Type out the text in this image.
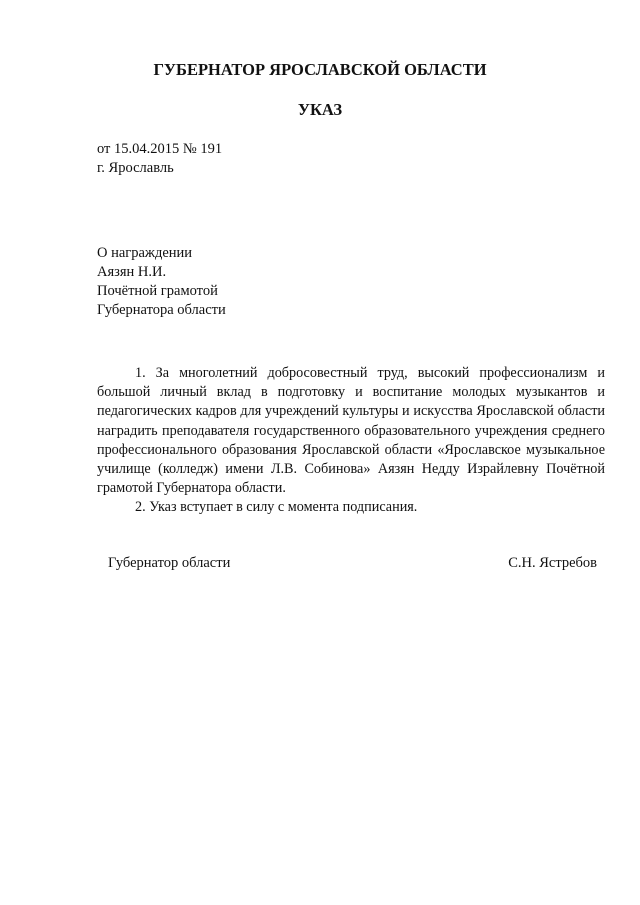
ГУБЕРНАТОР ЯРОСЛАВСКОЙ ОБЛАСТИ
УКАЗ
от 15.04.2015 № 191
г. Ярославль
О награждении
Аязян Н.И.
Почётной грамотой
Губернатора области

1. За многолетний добросовестный труд, высокий профессионализм и большой личный вклад в подготовку и воспитание молодых музыкантов и педагогических кадров для учреждений культуры и искусства Ярославской области наградить преподавателя государственного образовательного учреждения среднего профессионального образования Ярославской области «Ярославское музыкальное училище (колледж) имени Л.В. Собинова» Аязян Недду Израйлевну Почётной грамотой Губернатора области.

2. Указ вступает в силу с момента подписания.

Губернатор области	С.Н. Ястребов
